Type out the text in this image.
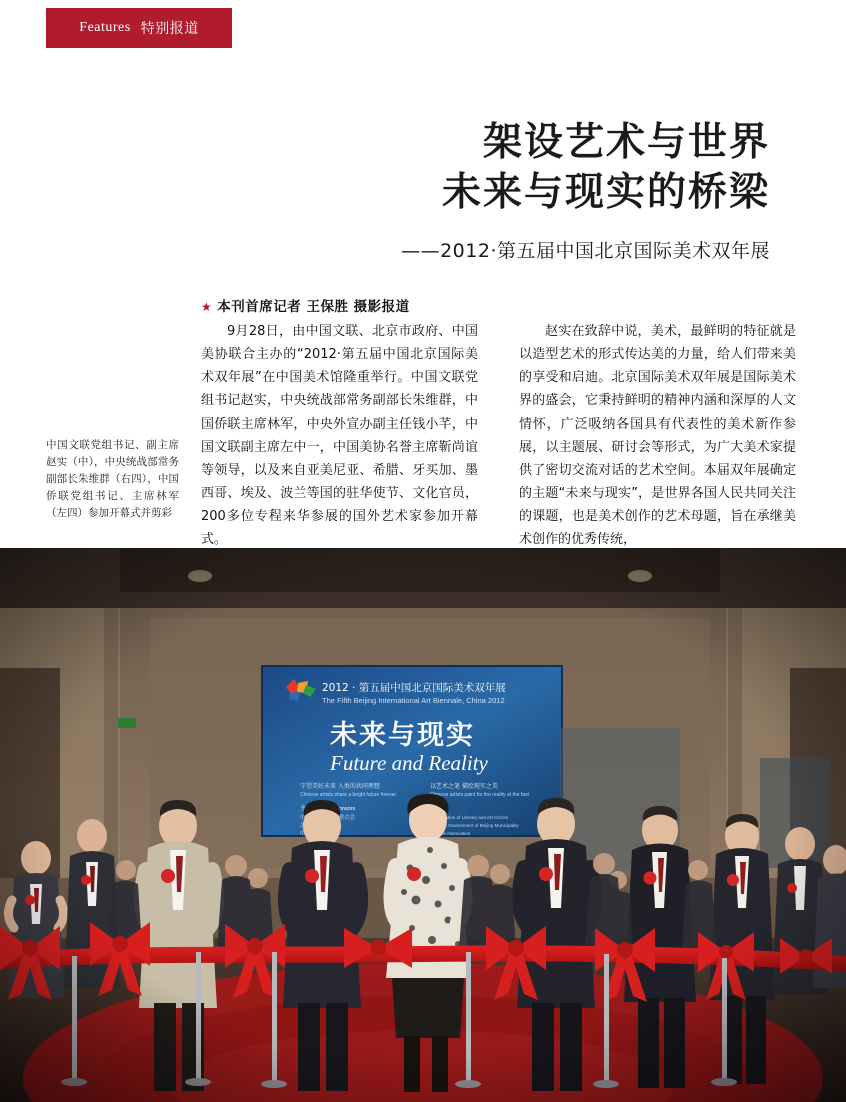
Features 特别报道
架设艺术与世界
未来与现实的桥梁
——2012·第五届中国北京国际美术双年展
★ 本刊首席记者 王保胜 摄影报道

9月28日，由中国文联、北京市政府、中国美协联合主办的“2012·第五届中国北京国际美术双年展”在中国美术馆隆重举行。中国文联党组书记赵实，中央统战部常务副部长朱维群，中国侨联主席林军，中央外宣办副主任钱小芊，中国文联副主席左中一，中国美协名誉主席靳尚谊等领导，以及来自亚美尼亚、希腊、牙买加、墨西哥、埃及、波兰等国的驻华使节、文化官员，200多位专程来华参展的国外艺术家参加开幕式。

赵实在致辞中说，美术，最鲜明的特征就是以造型艺术的形式传达美的力量，给人们带来美的享受和启迪。北京国际美术双年展是国际美术界的盛会，它秉持鲜明的精神内涵和深厚的人文情怀，广泛吸纳各国具有代表性的美术新作参展，以主题展、研讨会等形式，为广大美术家提供了密切交流对话的艺术空间。本届双年展确定的主题“未来与现实”，是世界各国人民共同关注的课题，也是美术创作的艺术母题，旨在承继美术创作的优秀传统，

中国文联党组书记、副主席赵实（中），中央统战部常务副部长朱维群（右四），中国侨联党组书记、主席林军（左四）参加开幕式并剪彩
